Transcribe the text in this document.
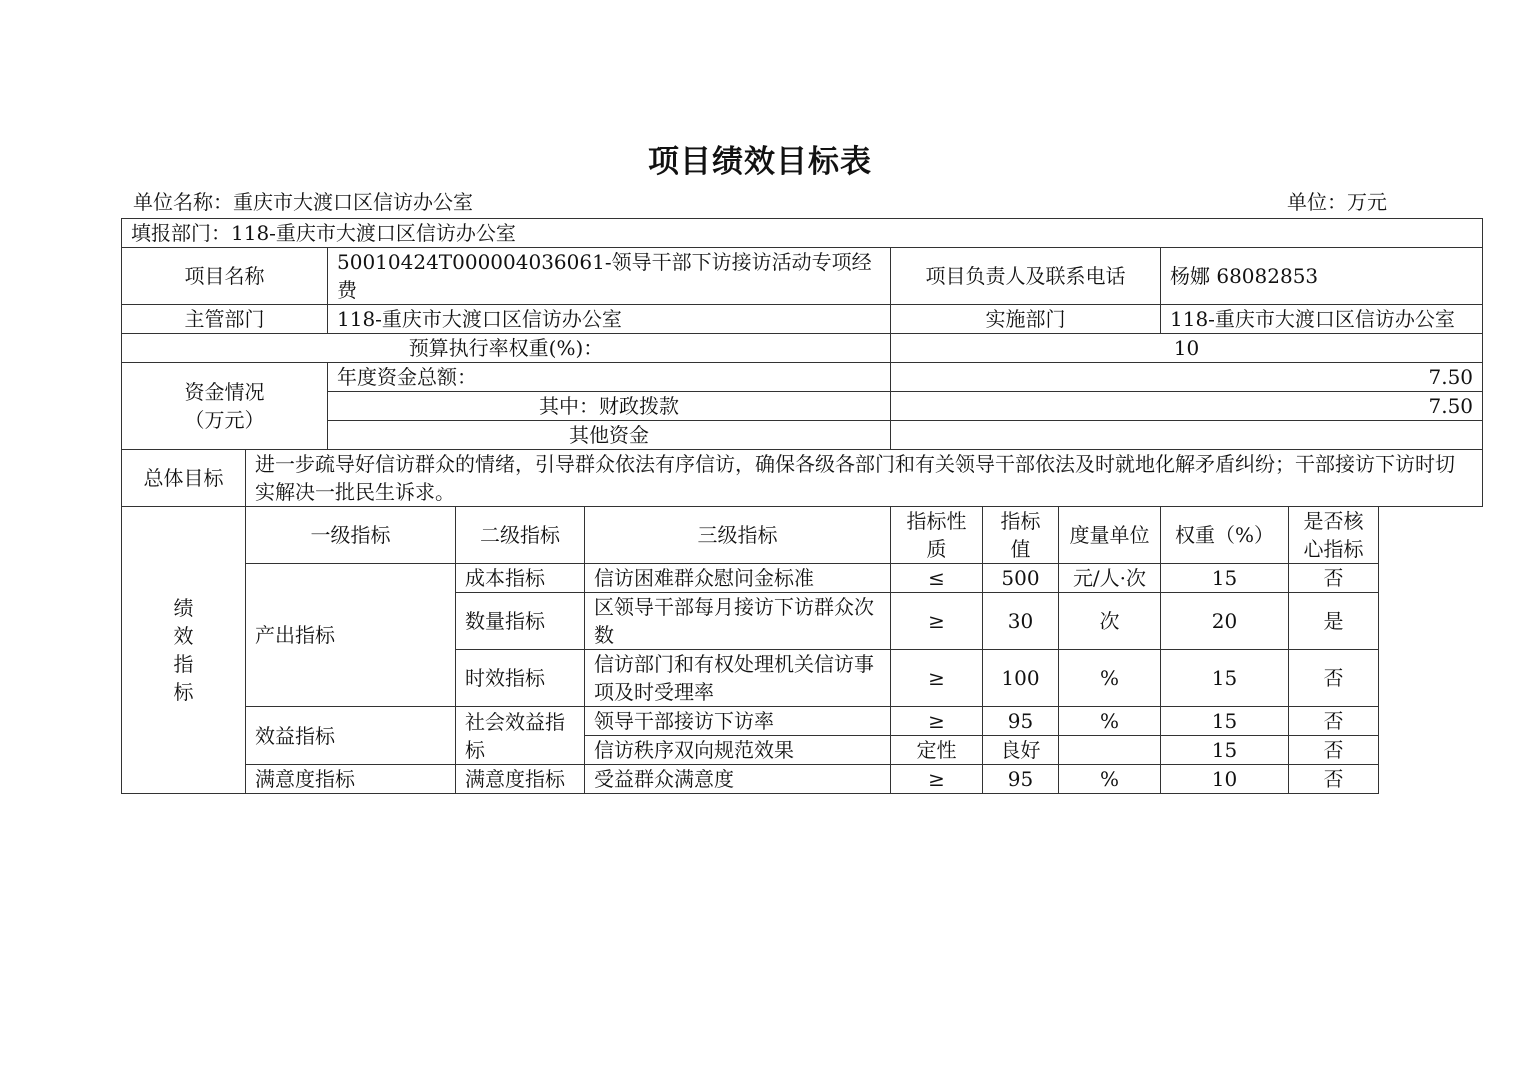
项目绩效目标表
单位名称：重庆市大渡口区信访办公室	单位：万元
填报部门：118-重庆市大渡口区信访办公室									
项目名称		50010424T000004036061-领导干部下访接访活动专项经费			项目负责人及联系电话			杨娜 68082853	
主管部门		118-重庆市大渡口区信访办公室			实施部门			118-重庆市大渡口区信访办公室	
预算执行率权重(%)：					10				

资金情况
（万元）		年度资金总额：			7.50				
		其中：财政拨款			7.50				
		其他资金							
总体目标	进一步疏导好信访群众的情绪，引导群众依法有序信访，确保各级各部门和有关领导干部依法及时就地化解矛盾纠纷；干部接访下访时切实解决一批民生诉求。								

绩
效
指
标	一级指标		二级指标	三级指标	指标性质	指标值	度量单位	权重（%）	是否核心指标
	产出指标		成本指标	信访困难群众慰问金标准	≤	500	元/人·次	15	否
			数量指标	区领导干部每月接访下访群众次数	≥	30	次	20	是
			时效指标	信访部门和有权处理机关信访事项及时受理率	≥	100	%	15	否
	效益指标		社会效益指标	领导干部接访下访率	≥	95	%	15	否
				信访秩序双向规范效果	定性	良好		15	否
	满意度指标		满意度指标	受益群众满意度	≥	95	%	10	否
